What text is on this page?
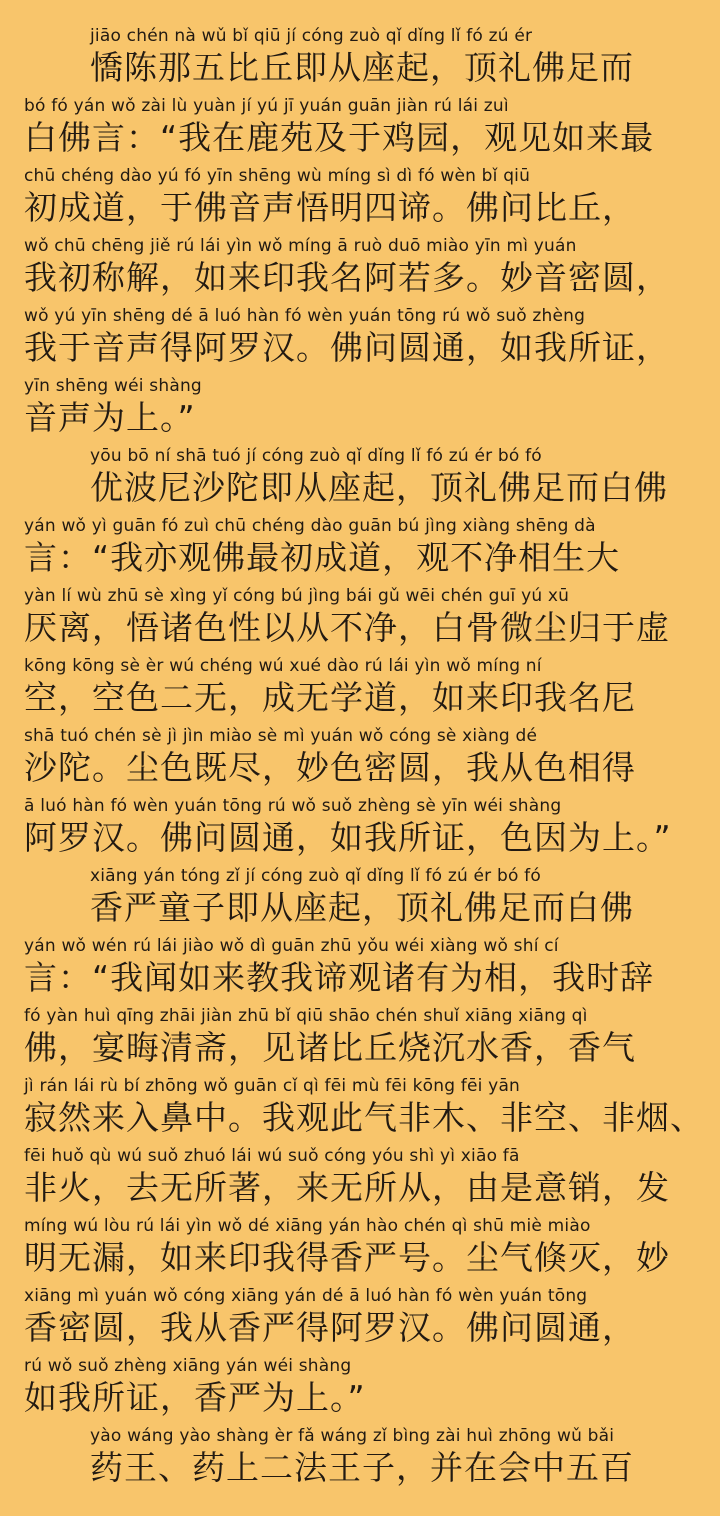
jiāo chén nà wǔ bǐ qiū jí cóng zuò qǐ dǐng lǐ fó zú ér
憍陈那五比丘即从座起，顶礼佛足而
bó fó yán wǒ zài lù yuàn jí yú jī yuán guān jiàn rú lái zuì
白佛言：“我在鹿苑及于鸡园，观见如来最
chū chéng dào yú fó yīn shēng wù míng sì dì fó wèn bǐ qiū
初成道，于佛音声悟明四谛。佛问比丘，
wǒ chū chēng jiě rú lái yìn wǒ míng ā ruò duō miào yīn mì yuán
我初称解，如来印我名阿若多。妙音密圆，
wǒ yú yīn shēng dé ā luó hàn fó wèn yuán tōng rú wǒ suǒ zhèng
我于音声得阿罗汉。佛问圆通，如我所证，
yīn shēng wéi shàng
音声为上。”
yōu bō ní shā tuó jí cóng zuò qǐ dǐng lǐ fó zú ér bó fó
优波尼沙陀即从座起，顶礼佛足而白佛
yán wǒ yì guān fó zuì chū chéng dào guān bú jìng xiàng shēng dà
言：“我亦观佛最初成道，观不净相生大
yàn lí wù zhū sè xìng yǐ cóng bú jìng bái gǔ wēi chén guī yú xū
厌离，悟诸色性以从不净，白骨微尘归于虚
kōng kōng sè èr wú chéng wú xué dào rú lái yìn wǒ míng ní
空，空色二无，成无学道，如来印我名尼
shā tuó chén sè jì jìn miào sè mì yuán wǒ cóng sè xiàng dé
沙陀。尘色既尽，妙色密圆，我从色相得
ā luó hàn fó wèn yuán tōng rú wǒ suǒ zhèng sè yīn wéi shàng
阿罗汉。佛问圆通，如我所证，色因为上。”
xiāng yán tóng zǐ jí cóng zuò qǐ dǐng lǐ fó zú ér bó fó
香严童子即从座起，顶礼佛足而白佛
yán wǒ wén rú lái jiào wǒ dì guān zhū yǒu wéi xiàng wǒ shí cí
言：“我闻如来教我谛观诸有为相，我时辞
fó yàn huì qīng zhāi jiàn zhū bǐ qiū shāo chén shuǐ xiāng xiāng qì
佛，宴晦清斋，见诸比丘烧沉水香，香气
jì rán lái rù bí zhōng wǒ guān cǐ qì fēi mù fēi kōng fēi yān
寂然来入鼻中。我观此气非木、非空、非烟、
fēi huǒ qù wú suǒ zhuó lái wú suǒ cóng yóu shì yì xiāo fā
非火，去无所著，来无所从，由是意销，发
míng wú lòu rú lái yìn wǒ dé xiāng yán hào chén qì shū miè miào
明无漏，如来印我得香严号。尘气倏灭，妙
xiāng mì yuán wǒ cóng xiāng yán dé ā luó hàn fó wèn yuán tōng
香密圆，我从香严得阿罗汉。佛问圆通，
rú wǒ suǒ zhèng xiāng yán wéi shàng
如我所证，香严为上。”
yào wáng yào shàng èr fǎ wáng zǐ bìng zài huì zhōng wǔ bǎi
药王、药上二法王子，并在会中五百
